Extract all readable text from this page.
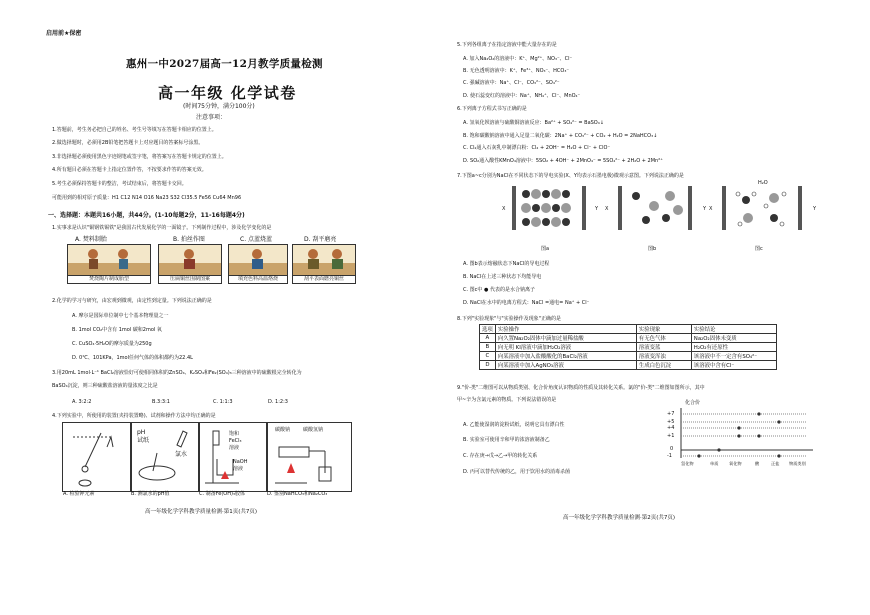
启用前★保密
惠州一中2027届高一12月教学质量检测
高一年级 化学试卷
(时间75分钟，满分100分)
注意事项：
1.答题前，考生务必把自己的姓名、考生号等填写在答题卡相应的位置上。
2.做选择题时，必须用2B铅笔把答题卡上对应题目的答案标号涂黑。
3.非选择题必须使用黑色字迹钢笔或签字笔，将答案写在答题卡规定的位置上。
4.所有题目必须在答题卡上指定位置作答，不按要求作答的答案无效。
5.考生必须保持答题卡的整洁，考试结束后，将答题卡交回。
可能用到的相对原子质量：H1 C12 N14 O16 Na23 S32 Cl35.5 Fe56 Cu64 Mn96
一、选择题：本题共16小题，共44分。(1-10每题2分，11-16每题4分)
1.实事求是认识"铜钢铁锡铁"是我国古代发展化学的一面镜子。下列制作过程中，涉及化学变化的是
A. 焚料制胎	B. 拍丝作图	C. 点蓝烧蓝	D. 刮平磨亮
焚烧陶片制成胎型	压扁铜丝围制图案	填充色料高温烙烧	刮平表面磨亮铜丝
2.化学的学习与研究，由宏观到微观，由定性到定量。下列说法正确的是
A. 摩尔是国际单位制中七个基本物理量之一
B. 1mol CO₂中含有 1mol 碳和2mol 氧
C. CuSO₄·5H₂O的摩尔质量为250g
D. 0℃、101KPa，1mol任何气体的体积都约为22.4L
3.用20mL 1mol·L⁻¹ BaCl₂溶液恰好可使相同体积的ZnSO₄、K₂SO₄和Fe₂(SO₄)₃三种溶液中的硫酸根完全转化为
BaSO₄沉淀，则三种硫酸盐溶液的量浓度之比是
A. 3:2:2	B.3:3:1	C. 1:1:3	D. 1:2:3
4.下列实验中，所使用的装置(夹持装置略)、试剂和操作方法中均正确的是
pH
试纸
氯水
饱和
FeCl₃
溶液
NaOH
溶液
碳酸钠	碳酸氢钠
A. 检验钾元素	B. 测氯水的pH值	C. 制备Fe(OH)₃胶体	D. 鉴别NaHCO₃和Na₂CO₃
高一年级化学学科教学质量检测·第1页(共7页)
5.下列各组离子在指定溶液中能大量存在的是
A. 加入Na₂O₂的溶液中：K⁺、Mg²⁺、NO₃⁻、Cl⁻
B. 无色透明溶液中：K⁺、Fe³⁺、NO₃⁻、HCO₃⁻
C. 强碱溶液中：Na⁺、Cl⁻、CO₃²⁻、SO₄²⁻
D. 使石蕊变红的溶液中：Na⁺、NH₄⁺、Cl⁻、MnO₄⁻
6.下列离子方程式书写正确的是
A. 氢氧化钡溶液与硫酸铜溶液反应：Ba²⁺ + SO₄²⁻ = BaSO₄↓
B. 饱和碳酸钠溶液中通入足量二氧化碳：2Na⁺ + CO₃²⁻ + CO₂ + H₂O = 2NaHCO₃↓
C. Cl₂通入石灰乳中制漂白粉：Cl₂ + 2OH⁻ = H₂O + Cl⁻ + ClO⁻
D. SO₂通入酸性KMnO₄溶液中：5SO₂ + 4OH⁻ + 2MnO₄⁻ = 5SO₄²⁻ + 2H₂O + 2Mn²⁺
7.下图a~c分别为NaCl在不同状态下的导电实验(X、Y均表示石墨电极)微观示意图。下列说法正确的是
H₂O
X	Y X	Y X	Y
图a	图b	图c
A. 图b表示熔融状态下NaCl的导电过程
B. NaCl在上述三种状态下均能导电
C. 图c中 ● 代表的是水合钠离子
D. NaCl在水中的电离方程式：NaCl =通电= Na⁺ + Cl⁻
8.下列"实验现象"与"实验操作及现象"正确的是
选项	实验操作	实验现象	实验结论
A	向久置Na₂O₂固体中滴加过量稀盐酸	有无色气体	Na₂O₂固体未变质
B	向无明 KI溶液中滴加H₂O₂溶液	溶液变蓝	H₂O₂有还原性
C	向某溶液中加入盐酸酸化的BaCl₂溶液	溶液变浑浊	该溶液中不一定含有SO₄²⁻
D	向某溶液中加入AgNO₃溶液	生成白色沉淀	该溶液中含有Cl⁻
9."价-类"二维图可以从物质类别、化合价角度认识物质的性质及其转化关系。氯的"价-类"二维图如图所示，其中
甲~辛为含氯元素的物质。下列说法错误的是
A. 乙能使湿润的淀粉试纸，说明它具有漂白性
B. 实验室可使用辛和甲的浓溶液制备乙
C. 存在庚→戊→乙→甲的转化关系
D. 丙可以替代传统的乙，用于饮用水的消毒杀菌
化合价
+7
+5
+4
+1
0
-1
氢化物	单质	氧化物	酸	正盐 物质类别
高一年级化学学科教学质量检测·第2页(共7页)
